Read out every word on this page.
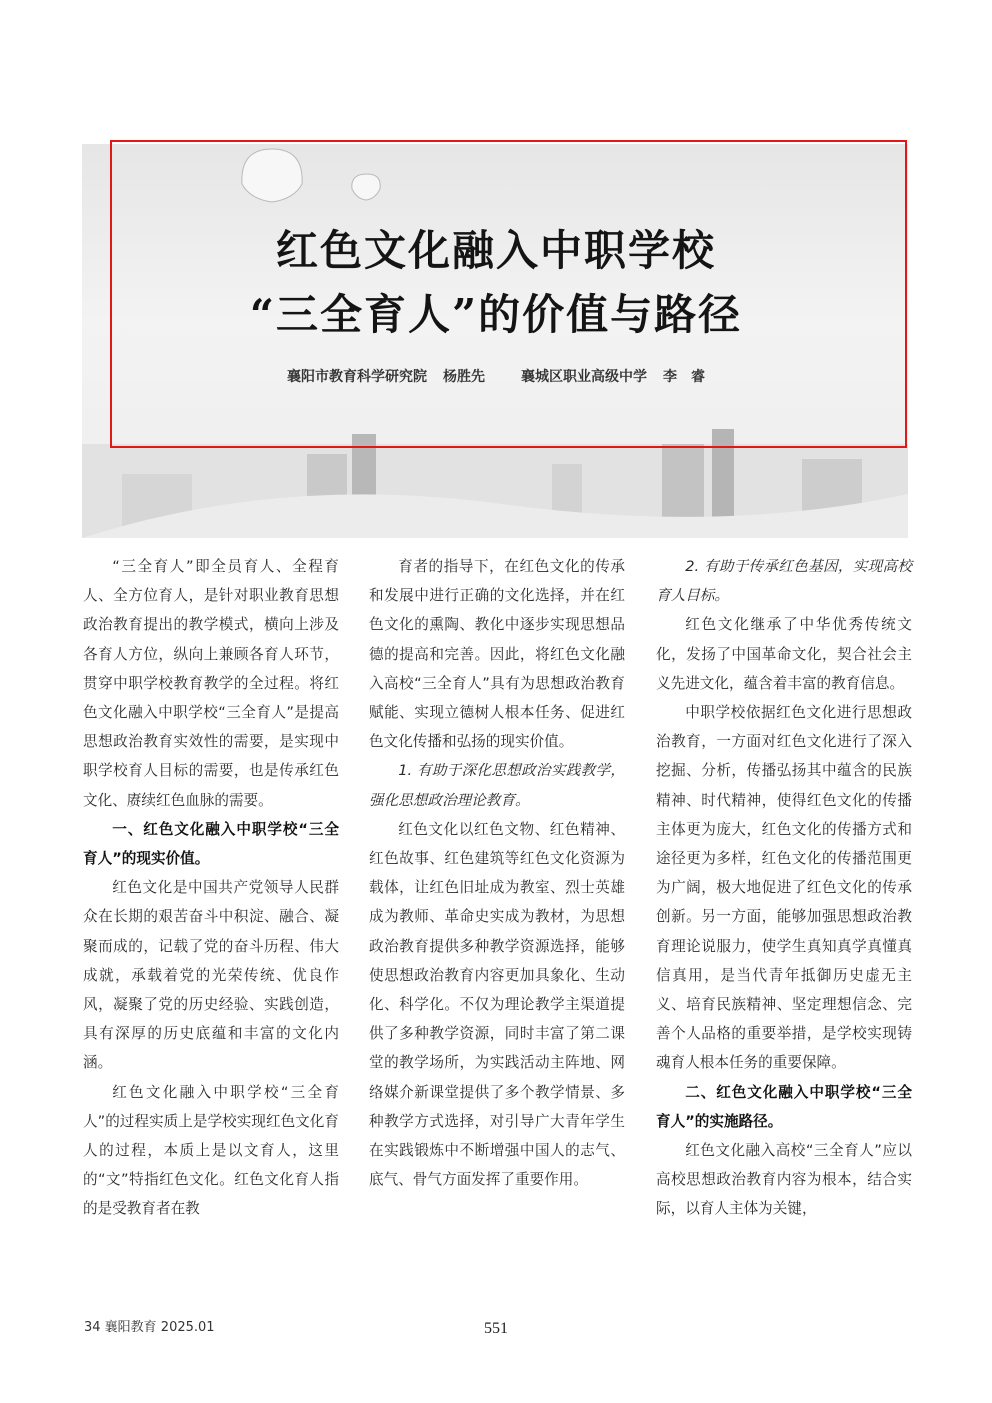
红色文化融入中职学校
“三全育人”的价值与路径
襄阳市教育科学研究院 杨胜先	襄城区职业高级中学 李　睿

“三全育人”即全员育人、全程育人、全方位育人，是针对职业教育思想政治教育提出的教学模式，横向上涉及各育人方位，纵向上兼顾各育人环节，贯穿中职学校教育教学的全过程。将红色文化融入中职学校“三全育人”是提高思想政治教育实效性的需要，是实现中职学校育人目标的需要，也是传承红色文化、赓续红色血脉的需要。

一、红色文化融入中职学校“三全育人”的现实价值。

红色文化是中国共产党领导人民群众在长期的艰苦奋斗中积淀、融合、凝聚而成的，记载了党的奋斗历程、伟大成就，承载着党的光荣传统、优良作风，凝聚了党的历史经验、实践创造，具有深厚的历史底蕴和丰富的文化内涵。

红色文化融入中职学校“三全育人”的过程实质上是学校实现红色文化育人的过程，本质上是以文育人，这里的“文”特指红色文化。红色文化育人指的是受教育者在教

育者的指导下，在红色文化的传承和发展中进行正确的文化选择，并在红色文化的熏陶、教化中逐步实现思想品德的提高和完善。因此，将红色文化融入高校“三全育人”具有为思想政治教育赋能、实现立德树人根本任务、促进红色文化传播和弘扬的现实价值。

1. 有助于深化思想政治实践教学，强化思想政治理论教育。

红色文化以红色文物、红色精神、红色故事、红色建筑等红色文化资源为载体，让红色旧址成为教室、烈士英雄成为教师、革命史实成为教材，为思想政治教育提供多种教学资源选择，能够使思想政治教育内容更加具象化、生动化、科学化。不仅为理论教学主渠道提供了多种教学资源，同时丰富了第二课堂的教学场所，为实践活动主阵地、网络媒介新课堂提供了多个教学情景、多种教学方式选择，对引导广大青年学生在实践锻炼中不断增强中国人的志气、底气、骨气方面发挥了重要作用。

2. 有助于传承红色基因，实现高校育人目标。

红色文化继承了中华优秀传统文化，发扬了中国革命文化，契合社会主义先进文化，蕴含着丰富的教育信息。

中职学校依据红色文化进行思想政治教育，一方面对红色文化进行了深入挖掘、分析，传播弘扬其中蕴含的民族精神、时代精神，使得红色文化的传播主体更为庞大，红色文化的传播方式和途径更为多样，红色文化的传播范围更为广阔，极大地促进了红色文化的传承创新。另一方面，能够加强思想政治教育理论说服力，使学生真知真学真懂真信真用，是当代青年抵御历史虚无主义、培育民族精神、坚定理想信念、完善个人品格的重要举措，是学校实现铸魂育人根本任务的重要保障。

二、红色文化融入中职学校“三全育人”的实施路径。

红色文化融入高校“三全育人”应以高校思想政治教育内容为根本，结合实际，以育人主体为关键，

34 襄阳教育 2025.01	551
